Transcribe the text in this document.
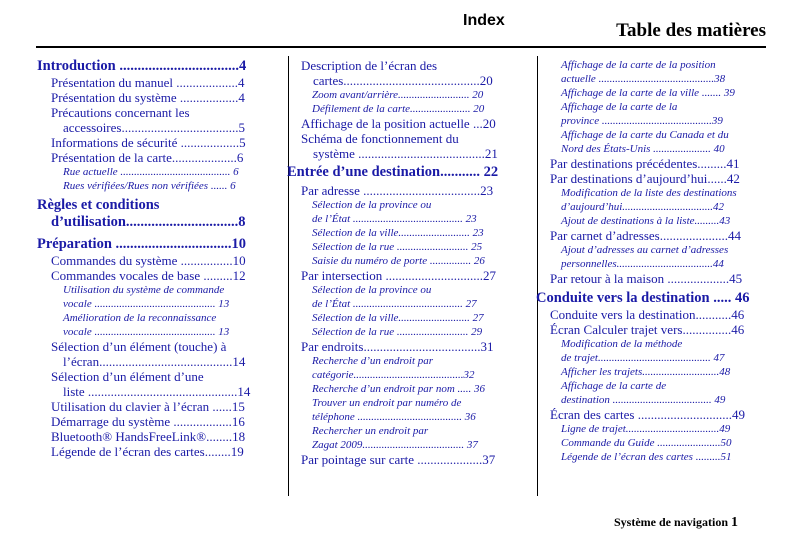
Index	Table des matières
Introduction .................................4
Présentation du manuel ...................4
Présentation du système ..................4
Précautions concernant les
accessoires....................................5
Informations de sécurité ..................5
Présentation de la carte....................6
Rue actuelle ........................................ 6
Rues vérifiées/Rues non vérifiées ...... 6
Règles et conditions
d’utilisation...............................8
Préparation ................................10
Commandes du système ................10
Commandes vocales de base .........12
Utilisation du système de commande
vocale ............................................ 13
Amélioration de la reconnaissance
vocale ............................................ 13
Sélection d’un élément (touche) à
l’écran.........................................14
Sélection d’un élément d’une
liste ..............................................14
Utilisation du clavier à l’écran ......15
Démarrage du système ..................16
Bluetooth® HandsFreeLink®........18
Légende de l’écran des cartes........19
Description de l’écran des
cartes..........................................20
Zoom avant/arrière.......................... 20
Défilement de la carte...................... 20
Affichage de la position actuelle ...20
Schéma de fonctionnement du
système .......................................21
Entrée d’une destination........... 22
Par adresse ....................................23
Sélection de la province ou
de l’État ........................................ 23
Sélection de la ville.......................... 23
Sélection de la rue .......................... 25
Saisie du numéro de porte ............... 26
Par intersection ..............................27
Sélection de la province ou
de l’État ........................................ 27
Sélection de la ville.......................... 27
Sélection de la rue .......................... 29
Par endroits....................................31
Recherche d’un endroit par
catégorie........................................32
Recherche d’un endroit par nom ..... 36
Trouver un endroit par numéro de
téléphone ...................................... 36
Rechercher un endroit par
Zagat 2009..................................... 37
Par pointage sur carte ....................37
Affichage de la carte de la position
actuelle ..........................................38
Affichage de la carte de la ville ....... 39
Affichage de la carte de la
province ........................................39
Affichage de la carte du Canada et du
Nord des États-Unis ..................... 40
Par destinations précédentes.........41
Par destinations d’aujourd’hui......42
Modification de la liste des destinations
d’aujourd’hui.................................42
Ajout de destinations à la liste.........43
Par carnet d’adresses.....................44
Ajout d’adresses au carnet d’adresses
personnelles...................................44
Par retour à la maison ...................45
Conduite vers la destination ..... 46
Conduite vers la destination...........46
Écran Calculer trajet vers...............46
Modification de la méthode
de trajet......................................... 47
Afficher les trajets............................48
Affichage de la carte de
destination .................................... 49
Écran des cartes .............................49
Ligne de trajet..................................49
Commande du Guide .......................50
Légende de l’écran des cartes .........51
Système de navigation 1
